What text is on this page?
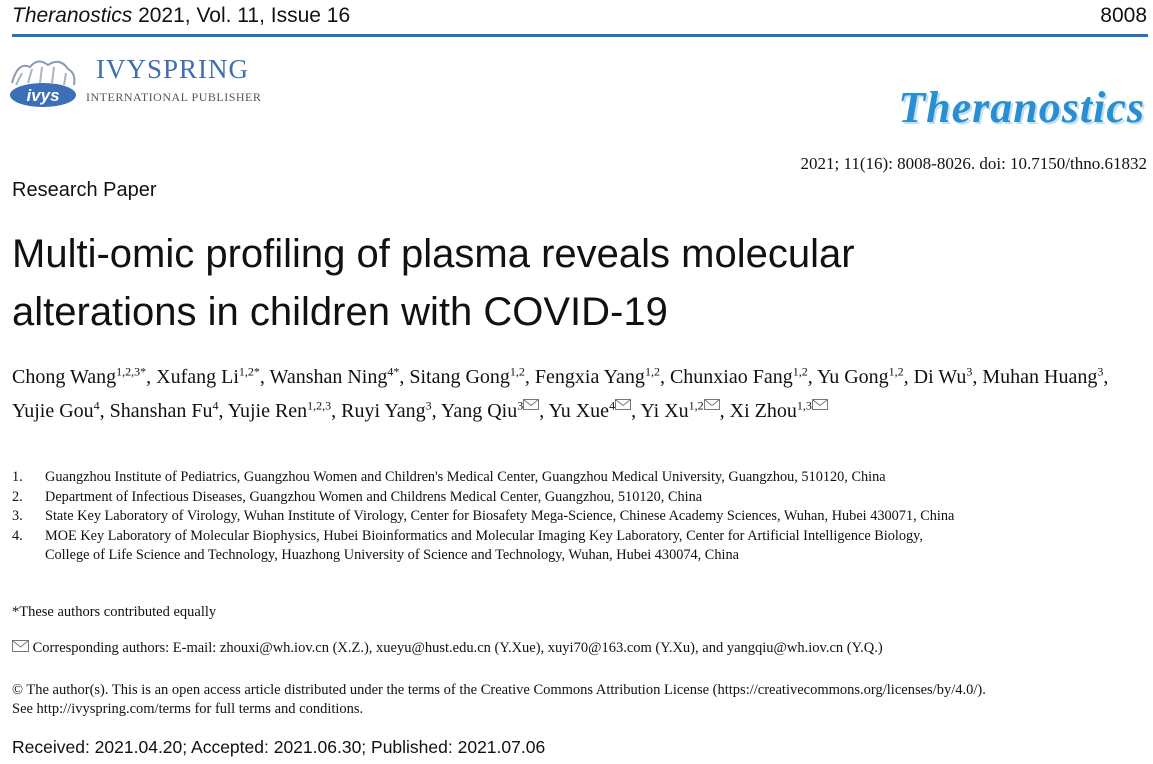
Theranostics 2021, Vol. 11, Issue 16	8008
ivys
IVYSPRING
INTERNATIONAL PUBLISHER	Theranostics
2021; 11(16): 8008-8026. doi: 10.7150/thno.61832
Research Paper
Multi-omic profiling of plasma reveals molecular
alterations in children with COVID-19
Chong Wang$^{1,2,3*}$, Xufang $Li^{1,2*}$, Wanshan Ning$^{4*}$, Sitang Gong$^{1,2}$, Fengxia Yang$^{1,2}$, Chunxiao Fang$^{1,2}$, Yu Gong$^{1,2}$, Di Wu$^3$, Muhan Huang$^3$, Yujie Gou$^4$, Shanshan Fu$^4$, Yujie Ren$^{1,2,3}$, Ruyi Yang$^3$, Yang Qiu$^3$ , Yu Xue$^4$ , Yi Xu$^{1,2}$ , Xi Zhou$^{1,3}$
1. Guangzhou Institute of Pediatrics, Guangzhou Women and Children's Medical Center, Guangzhou Medical University, Guangzhou, 510120, China
2. Department of Infectious Diseases, Guangzhou Women and Childrens Medical Center, Guangzhou, 510120, China
3. State Key Laboratory of Virology, Wuhan Institute of Virology, Center for Biosafety Mega-Science, Chinese Academy Sciences, Wuhan, Hubei 430071, China
4. MOE Key Laboratory of Molecular Biophysics, Hubei Bioinformatics and Molecular Imaging Key Laboratory, Center for Artificial Intelligence Biology,
College of Life Science and Technology, Huazhong University of Science and Technology, Wuhan, Hubei 430074, China
*These authors contributed equally
Corresponding authors: E-mail: zhouxi@wh.iov.cn (X.Z.), xueyu@hust.edu.cn (Y.Xue), xuyi70@163.com (Y.Xu), and yangqiu@wh.iov.cn (Y.Q.)
© The author(s). This is an open access article distributed under the terms of the Creative Commons Attribution License (https://creativecommons.org/licenses/by/4.0/).
See http://ivyspring.com/terms for full terms and conditions.
Received: 2021.04.20; Accepted: 2021.06.30; Published: 2021.07.06
